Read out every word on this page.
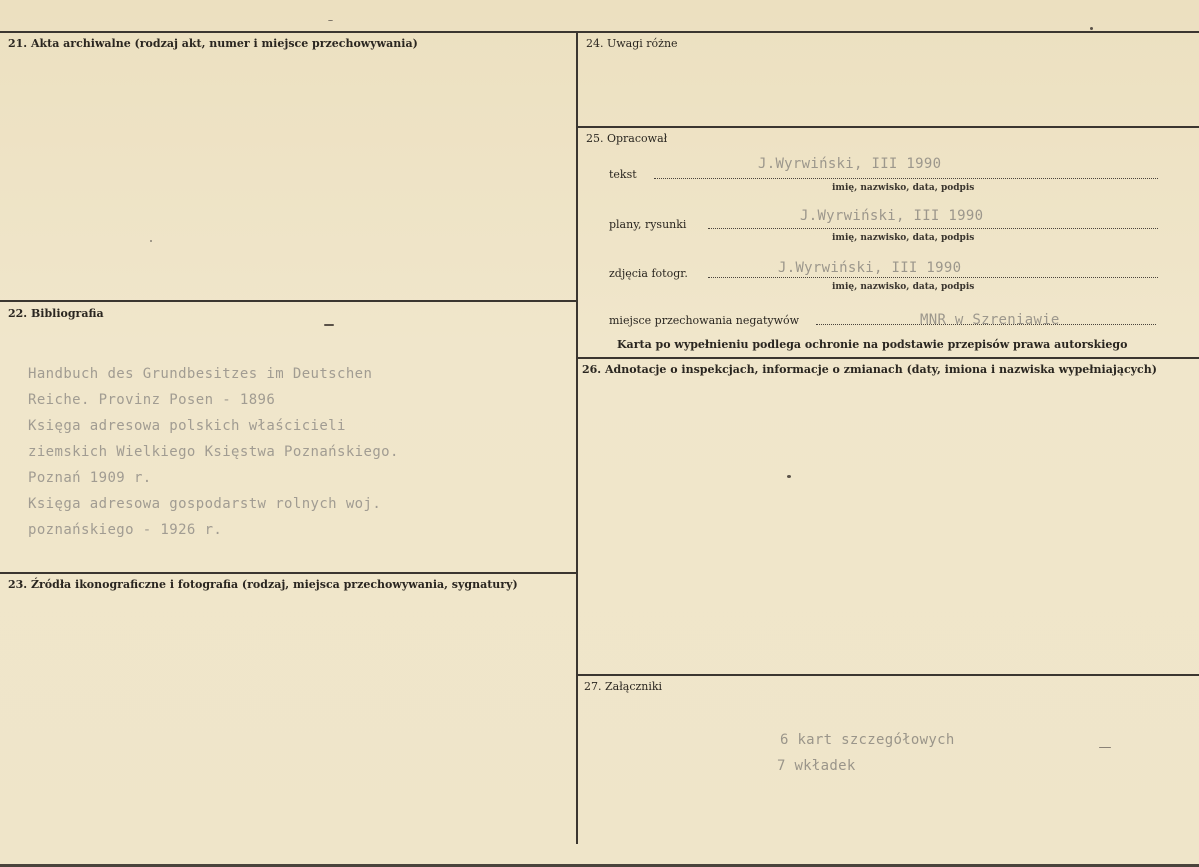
21. Akta archiwalne (rodzaj akt, numer i miejsce przechowywania)
22. Bibliografia
Handbuch des Grundbesitzes im Deutschen
Reiche. Provinz Posen - 1896
Księga adresowa polskich właścicieli
ziemskich Wielkiego Księstwa Poznańskiego.
Poznań 1909 r.
Księga adresowa gospodarstw rolnych woj.
poznańskiego - 1926 r.
23. Źródła ikonograficzne i fotografia (rodzaj, miejsca przechowywania, sygnatury)
24. Uwagi różne
25. Opracował
tekst
J.Wyrwiński, III 1990
imię, nazwisko, data, podpis
plany, rysunki
J.Wyrwiński, III 1990
imię, nazwisko, data, podpis
zdjęcia fotogr.	J.Wyrwiński, III 1990
imię, nazwisko, data, podpis
miejsce przechowania negatywów	MNR w Szreniawie
Karta po wypełnieniu podlega ochronie na podstawie przepisów prawa autorskiego
26. Adnotacje o inspekcjach, informacje o zmianach (daty, imiona i nazwiska wypełniających)
27. Załączniki
6 kart szczegółowych
7 wkładek
